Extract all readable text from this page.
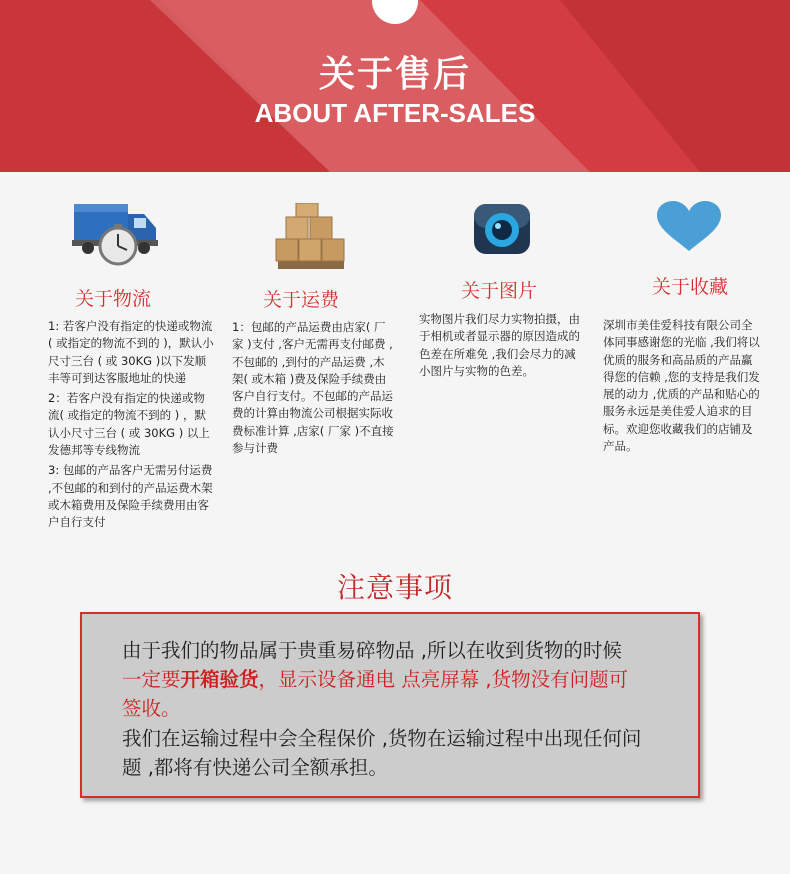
关于售后
ABOUT AFTER-SALES
关于物流

1: 若客户没有指定的快递或物流( 或指定的物流不到的 )，默认小尺寸三台 ( 或 30KG )以下发顺丰等可到达客服地址的快递

2：若客户没有指定的快递或物流( 或指定的物流不到的 ) ，默认小尺寸三台 ( 或 30KG ) 以上发德邦等专线物流

3: 包邮的产品客户无需另付运费 ,不包邮的和到付的产品运费木架或木箱费用及保险手续费用由客户自行支付

关于运费

1：包邮的产品运费由店家( 厂家 )支付 ,客户无需再支付邮费 ,不包邮的 ,到付的产品运费 ,木架( 或木箱 )费及保险手续费由客户自行支付。不包邮的产品运费的计算由物流公司根据实际收费标准计算 ,店家( 厂家 )不直接参与计费

关于图片

实物图片我们尽力实物拍摄，由于相机或者显示器的原因造成的色差在所难免 ,我们会尽力的减小图片与实物的色差。

关于收藏

深圳市美佳爱科技有限公司全体同事感谢您的光临 ,我们将以优质的服务和高品质的产品赢得您的信赖 ,您的支持是我们发展的动力 ,优质的产品和贴心的服务永远是美佳爱人追求的目标。欢迎您收藏我们的店铺及产品。

注意事项
由于我们的物品属于贵重易碎物品 ,所以在收到货物的时候
一定要开箱验货，显示设备通电 点亮屏幕 ,货物没有问题可
签收。
我们在运输过程中会全程保价 ,货物在运输过程中出现任何问题 ,都将有快递公司全额承担。
